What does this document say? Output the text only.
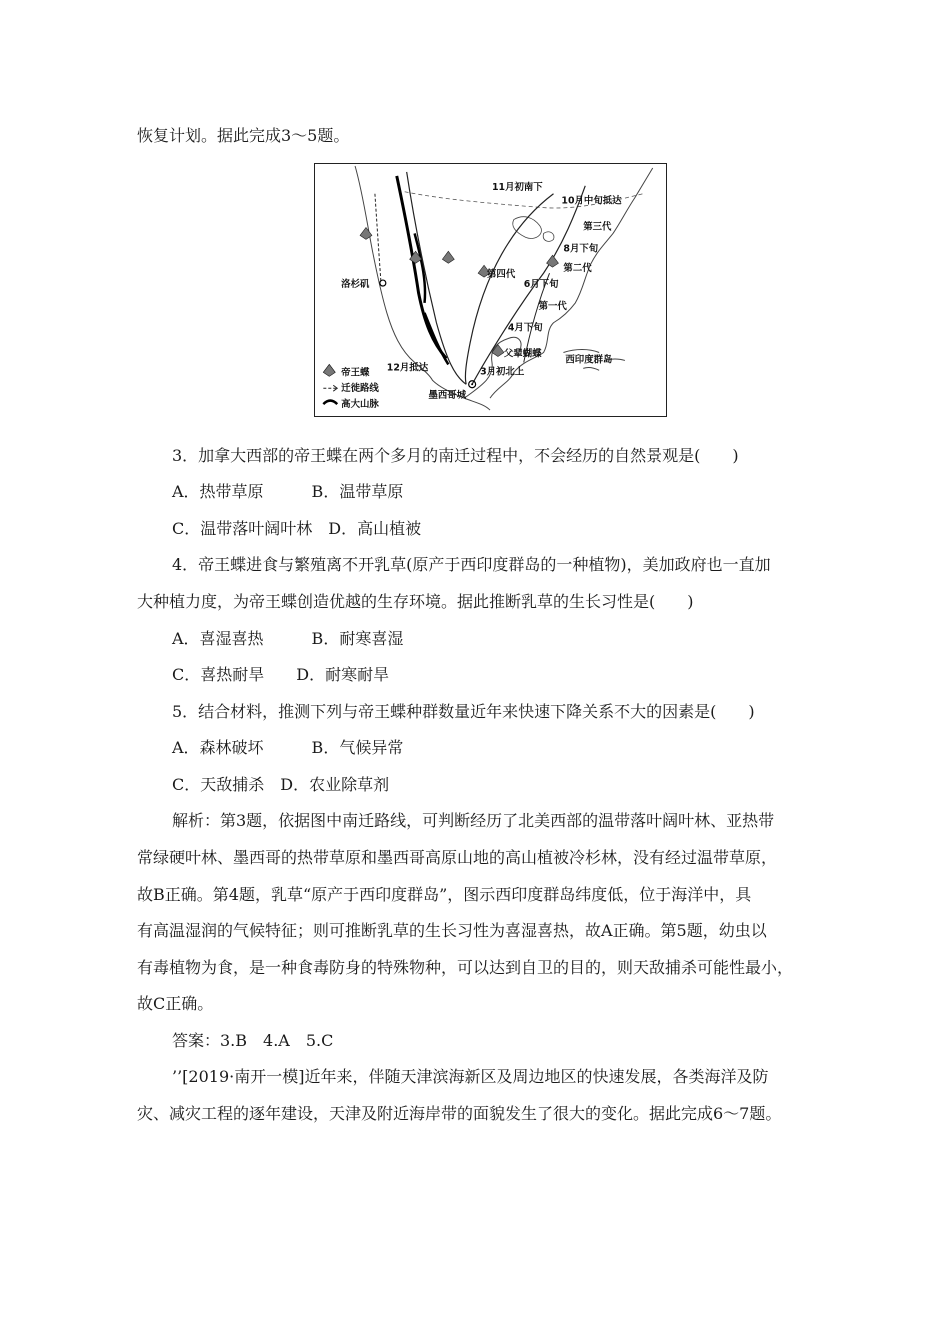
恢复计划。据此完成3～5题。
11月初南下
10月中旬抵达
第三代
8月下旬
第二代
第四代
6月下旬
第一代
4月下旬
父辈蝴蝶
西印度群岛
3月初北上
12月抵达
洛杉矶
墨西哥城
帝王蝶
迁徙路线
高大山脉
3．加拿大西部的帝王蝶在两个多月的南迁过程中，不会经历的自然景观是(　　)
A．热带草原　　　B．温带草原
C．温带落叶阔叶林　D．高山植被
4．帝王蝶进食与繁殖离不开乳草(原产于西印度群岛的一种植物)，美加政府也一直加
大种植力度，为帝王蝶创造优越的生存环境。据此推断乳草的生长习性是(　　)
A．喜湿喜热　　　B．耐寒喜湿
C．喜热耐旱　　D．耐寒耐旱
5．结合材料，推测下列与帝王蝶种群数量近年来快速下降关系不大的因素是(　　)
A．森林破坏　　　B．气候异常
C．天敌捕杀　D．农业除草剂
解析：第3题，依据图中南迁路线，可判断经历了北美西部的温带落叶阔叶林、亚热带
常绿硬叶林、墨西哥的热带草原和墨西哥高原山地的高山植被冷杉林，没有经过温带草原，
故B正确。第4题，乳草“原产于西印度群岛”，图示西印度群岛纬度低，位于海洋中，具
有高温湿润的气候特征；则可推断乳草的生长习性为喜湿喜热，故A正确。第5题，幼虫以
有毒植物为食，是一种食毒防身的特殊物种，可以达到自卫的目的，则天敌捕杀可能性最小，
故C正确。
答案：3.B　4.A　5.C
’’[2019·南开一模]近年来，伴随天津滨海新区及周边地区的快速发展，各类海洋及防
灾、减灾工程的逐年建设，天津及附近海岸带的面貌发生了很大的变化。据此完成6～7题。
